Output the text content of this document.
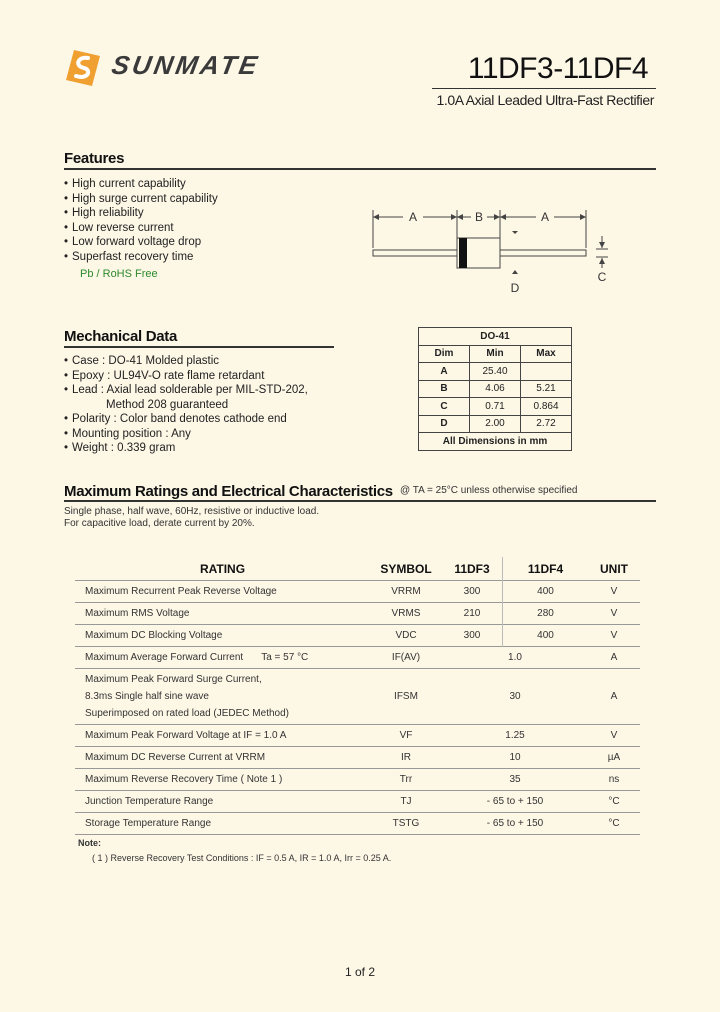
SUNMATE	11DF3-11DF4
1.0A Axial Leaded Ultra-Fast Rectifier
Features
• High current capability
• High surge current capability
• High reliability
• Low reverse current
• Low forward voltage drop
• Superfast recovery time
Pb / RoHS Free
A	B	A
C
D
Mechanical Data
• Case : DO-41 Molded plastic
• Epoxy : UL94V-O rate flame retardant
• Lead : Axial lead solderable per MIL-STD-202,
Method 208 guaranteed
• Polarity : Color band denotes cathode end
• Mounting position : Any
• Weight : 0.339 gram
DO-41		
Dim	Min	Max
A	25.40	
B	4.06	5.21
C	0.71	0.864
D	2.00	2.72
All Dimensions in mm		
Maximum Ratings and Electrical Characteristics @ TA = 25°C unless otherwise specified
Single phase, half wave, 60Hz, resistive or inductive load.
For capacitive load, derate current by 20%.
RATING	SYMBOL	11DF3	11DF4	UNIT
Maximum Recurrent Peak Reverse Voltage	VRRM	300	400	V
Maximum RMS Voltage	VRMS	210	280	V
Maximum DC Blocking Voltage	VDC	300	400	V
Maximum Average Forward Current Ta = 57 °C	IF(AV)	1.0		A

Maximum Peak Forward Surge Current,
8.3ms Single half sine wave
Superimposed on rated load (JEDEC Method)	IFSM	30		A
Maximum Peak Forward Voltage at IF = 1.0 A	VF	1.25		V
Maximum DC Reverse Current at VRRM	IR	10		µA
Maximum Reverse Recovery Time ( Note 1 )	Trr	35		ns
Junction Temperature Range	TJ	- 65 to + 150		°C
Storage Temperature Range	TSTG	- 65 to + 150		°C
Note:
( 1 ) Reverse Recovery Test Conditions : IF = 0.5 A, IR = 1.0 A, Irr = 0.25 A.
1 of 2
